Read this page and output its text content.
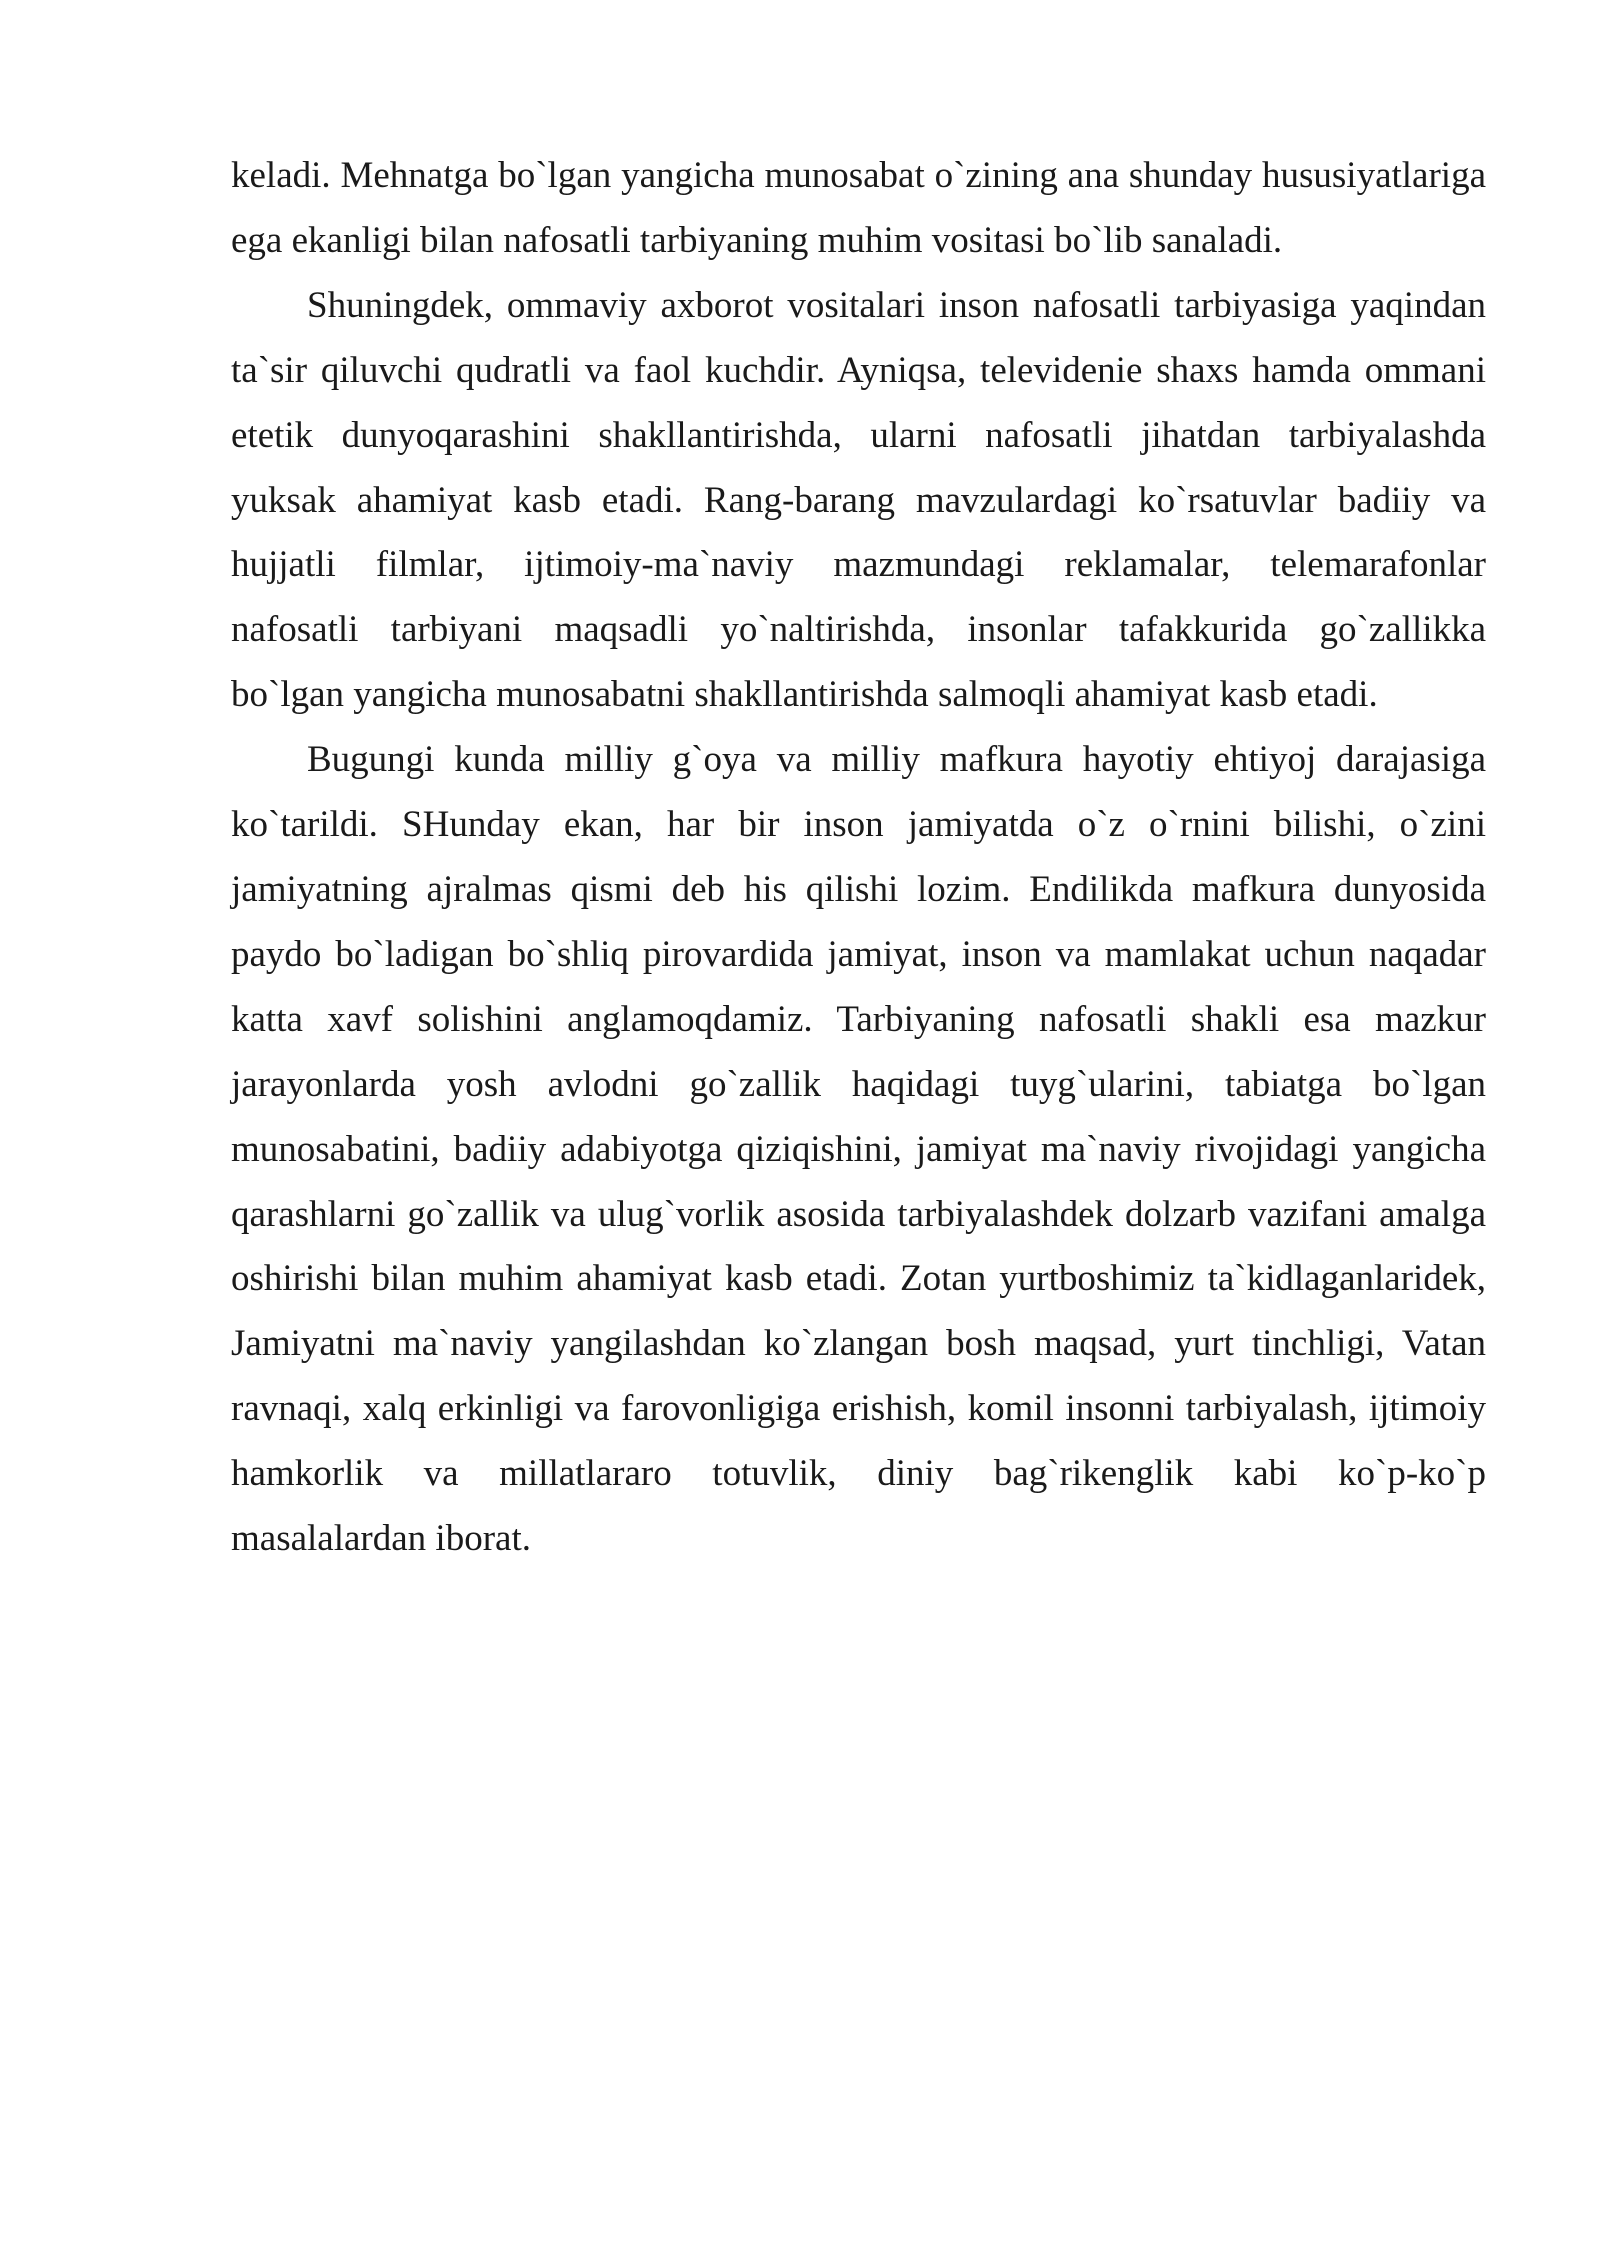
keladi. Mehnatga bo`lgan yangicha munosabat o`zining ana shunday hususiyatlariga
ega ekanligi bilan nafosatli tarbiyaning muhim vositasi bo`lib sanaladi.

Shuningdek, ommaviy axborot vositalari inson nafosatli tarbiyasiga yaqindan
ta`sir qiluvchi qudratli va faol kuchdir. Ayniqsa, televidenie shaxs hamda ommani
etetik dunyoqarashini shakllantirishda, ularni nafosatli jihatdan tarbiyalashda
yuksak ahamiyat kasb etadi. Rang-barang mavzulardagi ko`rsatuvlar badiiy va
hujjatli filmlar, ijtimoiy-ma`naviy mazmundagi reklamalar, telemarafonlar
nafosatli tarbiyani maqsadli yo`naltirishda, insonlar tafakkurida go`zallikka
bo`lgan yangicha munosabatni shakllantirishda salmoqli ahamiyat kasb etadi.

Bugungi kunda milliy g`oya va milliy mafkura hayotiy ehtiyoj darajasiga
ko`tarildi. SHunday ekan, har bir inson jamiyatda o`z o`rnini bilishi, o`zini
jamiyatning ajralmas qismi deb his qilishi lozim. Endilikda mafkura dunyosida
paydo bo`ladigan bo`shliq pirovardida jamiyat, inson va mamlakat uchun naqadar
katta xavf solishini anglamoqdamiz. Tarbiyaning nafosatli shakli esa mazkur
jarayonlarda yosh avlodni go`zallik haqidagi tuyg`ularini, tabiatga bo`lgan
munosabatini, badiiy adabiyotga qiziqishini, jamiyat ma`naviy rivojidagi yangicha
qarashlarni go`zallik va ulug`vorlik asosida tarbiyalashdek dolzarb vazifani amalga
oshirishi bilan muhim ahamiyat kasb etadi. Zotan yurtboshimiz ta`kidlaganlaridek,
Jamiyatni ma`naviy yangilashdan ko`zlangan bosh maqsad, yurt tinchligi, Vatan
ravnaqi, xalq erkinligi va farovonligiga erishish, komil insonni tarbiyalash, ijtimoiy
hamkorlik va millatlararo totuvlik, diniy bag`rikenglik kabi ko`p-ko`p
masalalardan iborat.
